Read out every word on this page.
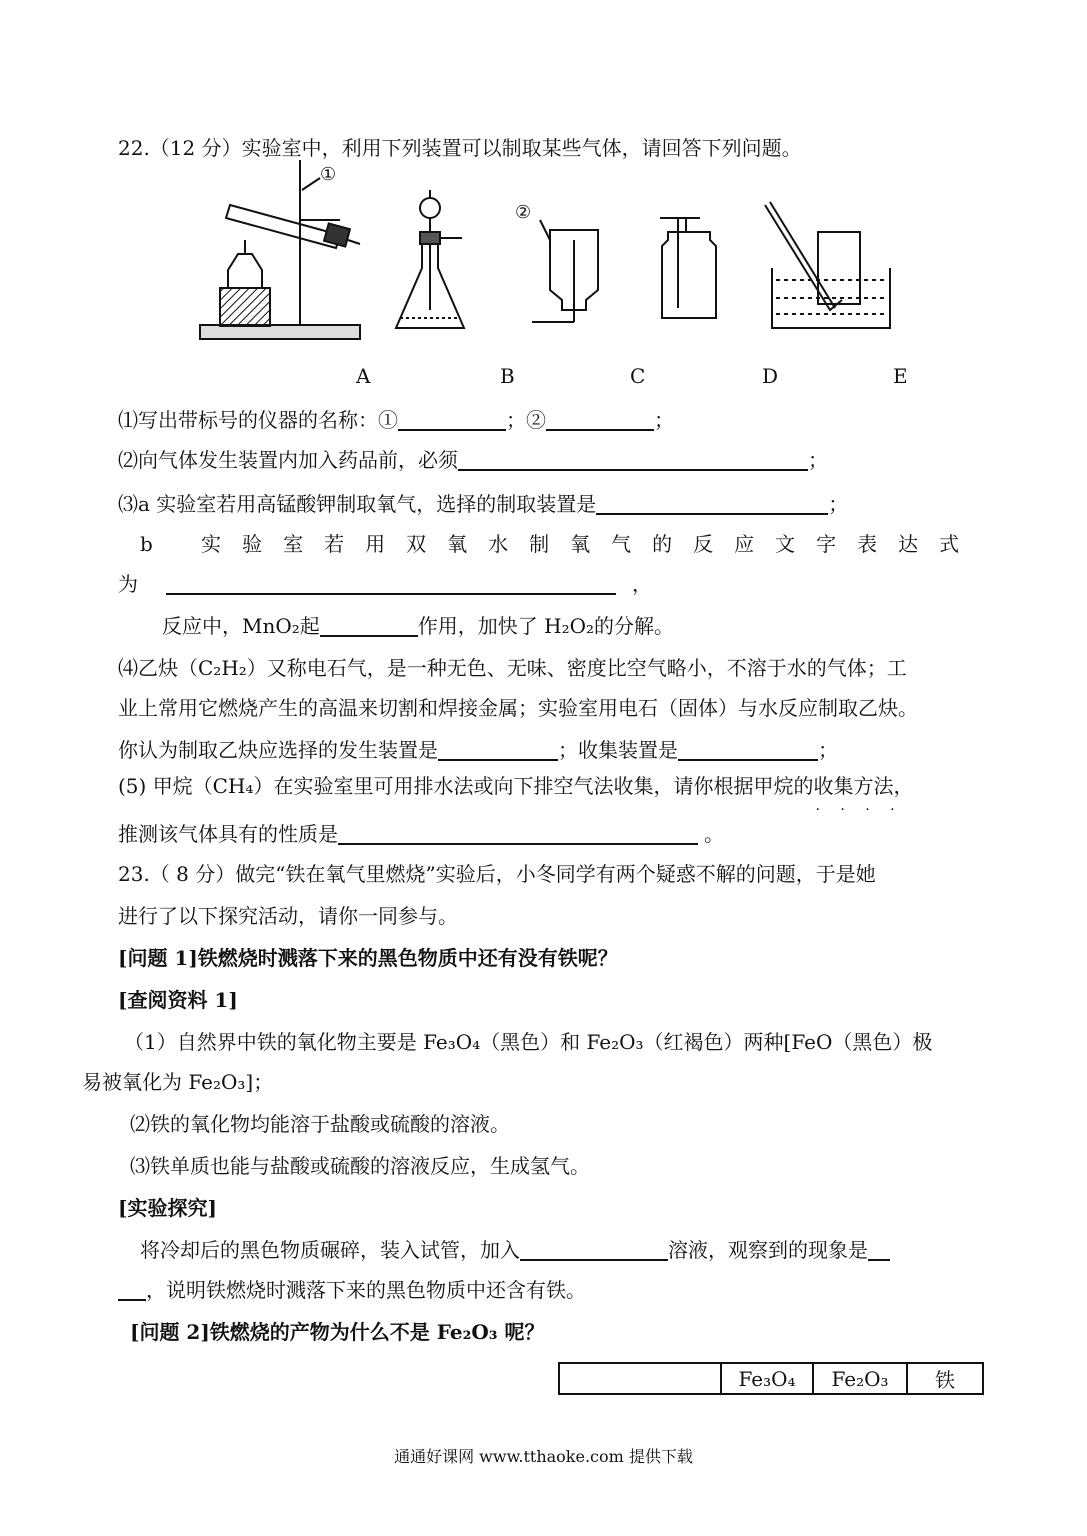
22.（12 分）实验室中，利用下列装置可以制取某些气体，请回答下列问题。
①
②
A	B	C	D	E
⑴写出带标号的仪器的名称：①	；②	；
⑵向气体发生装置内加入药品前，必须	；
⑶a 实验室若用高锰酸钾制取氧气，选择的制取装置是	；
b 实验室若用双氧水制氧气的反应文字表达式
为	，
反应中，MnO₂起	作用，加快了 H₂O₂的分解。
⑷乙炔（C₂H₂）又称电石气，是一种无色、无味、密度比空气略小，不溶于水的气体；工
业上常用它燃烧产生的高温来切割和焊接金属；实验室用电石（固体）与水反应制取乙炔。
你认为制取乙炔应选择的发生装置是	；收集装置是	；
(5) 甲烷（CH₄）在实验室里可用排水法或向下排空气法收集，请你根据甲烷的收集方法 · · · ·，
推测该气体具有的性质是	。
23.（ 8 分）做完“铁在氧气里燃烧”实验后，小冬同学有两个疑惑不解的问题，于是她
进行了以下探究活动，请你一同参与。
[问题 1]铁燃烧时溅落下来的黑色物质中还有没有铁呢？
[查阅资料 1]
（1）自然界中铁的氧化物主要是 Fe₃O₄（黑色）和 Fe₂O₃（红褐色）两种[FeO（黑色）极
易被氧化为 Fe₂O₃]；
⑵铁的氧化物均能溶于盐酸或硫酸的溶液。
⑶铁单质也能与盐酸或硫酸的溶液反应，生成氢气。
[实验探究]
将冷却后的黑色物质碾碎，装入试管，加入	溶液，观察到的现象是
，说明铁燃烧时溅落下来的黑色物质中还含有铁。
[问题 2]铁燃烧的产物为什么不是 Fe₂O₃ 呢？
	Fe₃O₄	Fe₂O₃	铁
通通好课网 www.tthaoke.com 提供下载
